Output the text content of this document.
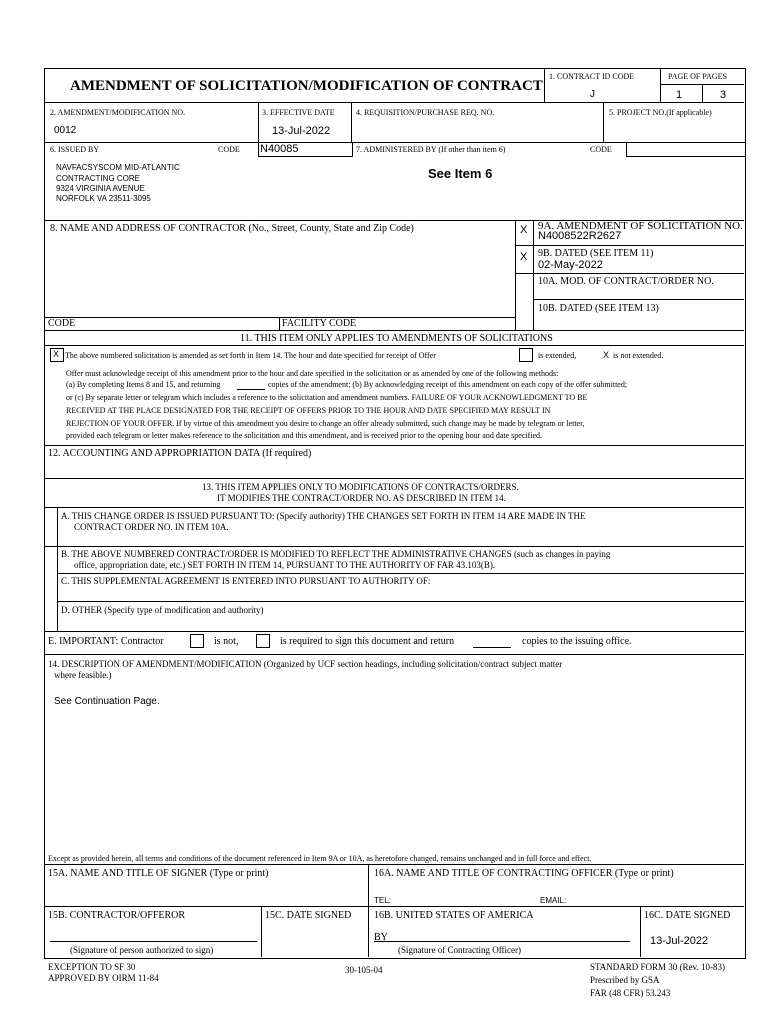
AMENDMENT OF SOLICITATION/MODIFICATION OF CONTRACT
1. CONTRACT ID CODE
J
PAGE OF PAGES
1	3
2. AMENDMENT/MODIFICATION NO.
0012
3. EFFECTIVE DATE
13-Jul-2022
4. REQUISITION/PURCHASE REQ. NO.	5. PROJECT NO.(If applicable)
6. ISSUED BY	CODE N40085	7. ADMINISTERED BY (If other than item 6)	CODE
NAVFACSYSCOM MID-ATLANTIC
CONTRACTING CORE
9324 VIRGINIA AVENUE
NORFOLK VA 23511-3095
See Item 6
8. NAME AND ADDRESS OF CONTRACTOR (No., Street, County, State and Zip Code)	X 9A. AMENDMENT OF SOLICITATION NO.
N4008522R2627
X 9B. DATED (SEE ITEM 11)
02-May-2022
10A. MOD. OF CONTRACT/ORDER NO.
10B. DATED (SEE ITEM 13)
CODE	FACILITY CODE
11. THIS ITEM ONLY APPLIES TO AMENDMENTS OF SOLICITATIONS
X The above numbered solicitation is amended as set forth in Item 14. The hour and date specified for receipt of Offer	is extended,	X is not extended.
Offer must acknowledge receipt of this amendment prior to the hour and date specified in the solicitation or as amended by one of the following methods:
(a) By completing Items 8 and 15, and returning	copies of the amendment; (b) By acknowledging receipt of this amendment on each copy of the offer submitted;
or (c) By separate letter or telegram which includes a reference to the solicitation and amendment numbers. FAILURE OF YOUR ACKNOWLEDGMENT TO BE
RECEIVED AT THE PLACE DESIGNATED FOR THE RECEIPT OF OFFERS PRIOR TO THE HOUR AND DATE SPECIFIED MAY RESULT IN
REJECTION OF YOUR OFFER. If by virtue of this amendment you desire to change an offer already submitted, such change may be made by telegram or letter,
provided each telegram or letter makes reference to the solicitation and this amendment, and is received prior to the opening hour and date specified.
12. ACCOUNTING AND APPROPRIATION DATA (If required)
13. THIS ITEM APPLIES ONLY TO MODIFICATIONS OF CONTRACTS/ORDERS.
IT MODIFIES THE CONTRACT/ORDER NO. AS DESCRIBED IN ITEM 14.
A. THIS CHANGE ORDER IS ISSUED PURSUANT TO: (Specify authority) THE CHANGES SET FORTH IN ITEM 14 ARE MADE IN THE
CONTRACT ORDER NO. IN ITEM 10A.
B. THE ABOVE NUMBERED CONTRACT/ORDER IS MODIFIED TO REFLECT THE ADMINISTRATIVE CHANGES (such as changes in paying
office, appropriation date, etc.) SET FORTH IN ITEM 14, PURSUANT TO THE AUTHORITY OF FAR 43.103(B).
C. THIS SUPPLEMENTAL AGREEMENT IS ENTERED INTO PURSUANT TO AUTHORITY OF:
D. OTHER (Specify type of modification and authority)
E. IMPORTANT: Contractor	is not,	is required to sign this document and return	copies to the issuing office.
14. DESCRIPTION OF AMENDMENT/MODIFICATION (Organized by UCF section headings, including solicitation/contract subject matter
where feasible.)
See Continuation Page.
Except as provided herein, all terms and conditions of the document referenced in Item 9A or 10A, as heretofore changed, remains unchanged and in full force and effect.
15A. NAME AND TITLE OF SIGNER (Type or print)	16A. NAME AND TITLE OF CONTRACTING OFFICER (Type or print)
TEL:	EMAIL:
15B. CONTRACTOR/OFFEROR	15C. DATE SIGNED 16B. UNITED STATES OF AMERICA	16C. DATE SIGNED
BY	13-Jul-2022
(Signature of person authorized to sign)	(Signature of Contracting Officer)
EXCEPTION TO SF 30
APPROVED BY OIRM 11-84
30-105-04	STANDARD FORM 30 (Rev. 10-83)
Prescribed by GSA
FAR (48 CFR) 53.243
